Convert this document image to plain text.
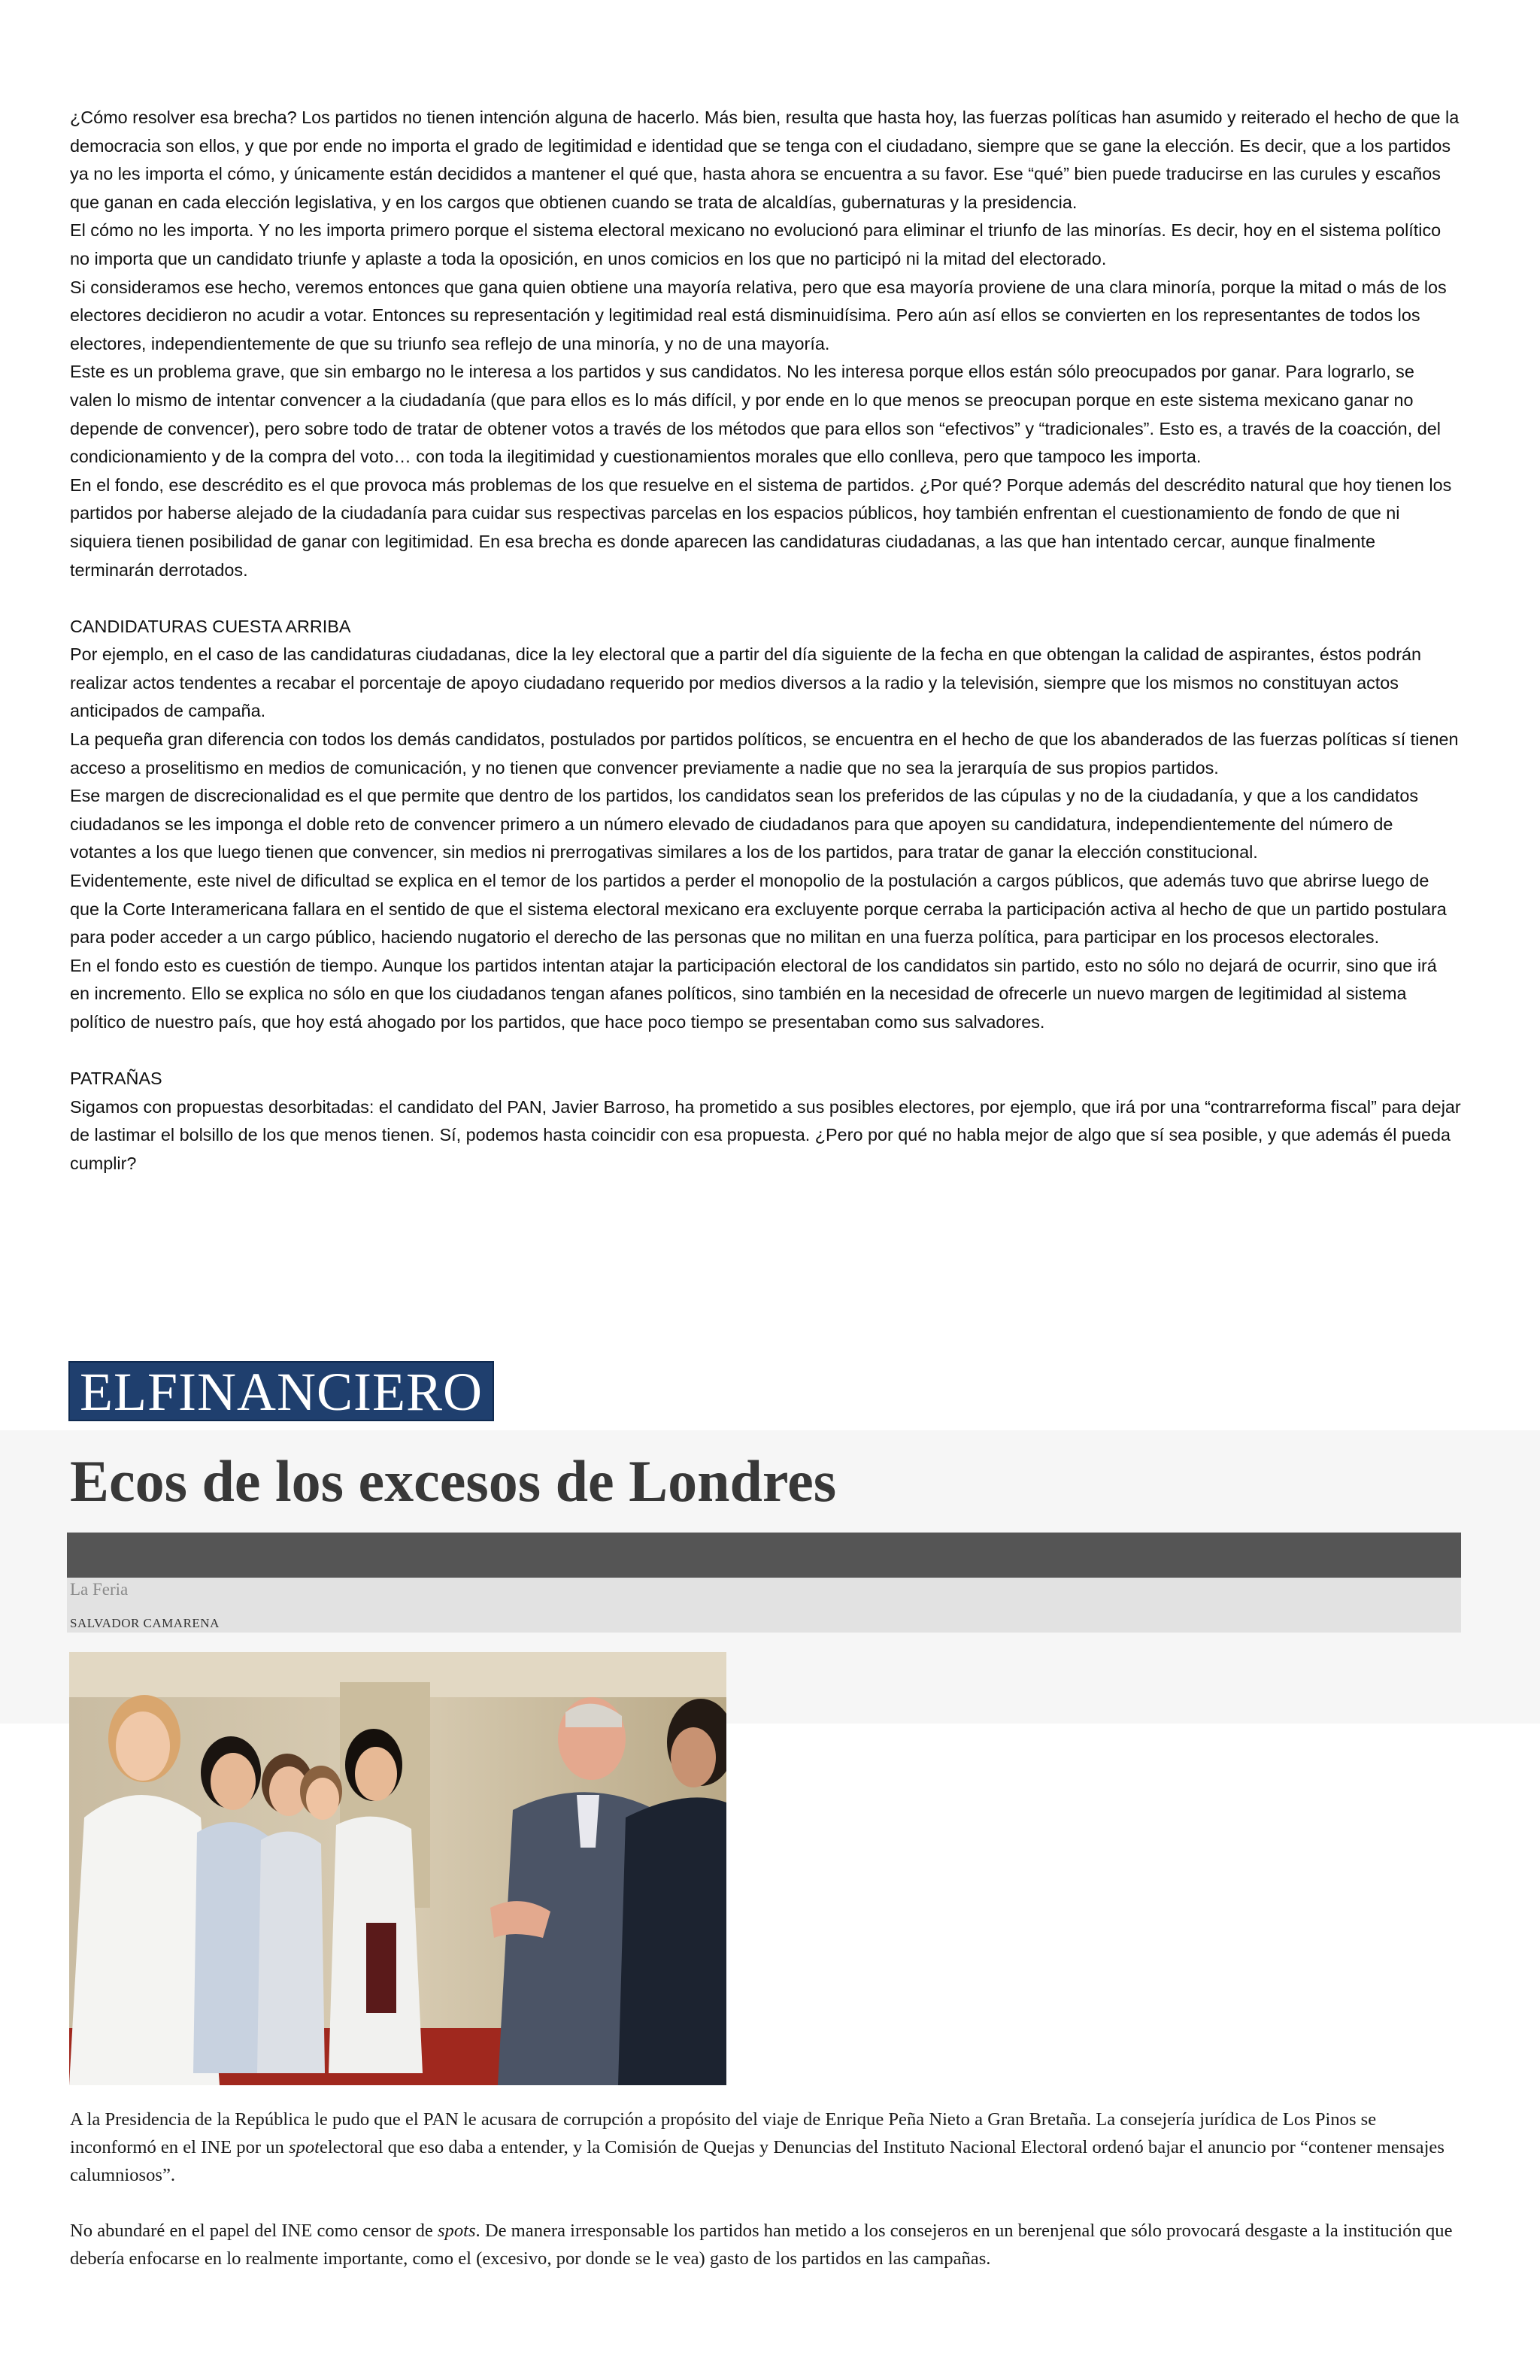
¿Cómo resolver esa brecha? Los partidos no tienen intención alguna de hacerlo. Más bien, resulta que hasta hoy, las fuerzas políticas han asumido y reiterado el hecho de que la democracia son ellos, y que por ende no importa el grado de legitimidad e identidad que se tenga con el ciudadano, siempre que se gane la elección. Es decir, que a los partidos ya no les importa el cómo, y únicamente están decididos a mantener el qué que, hasta ahora se encuentra a su favor. Ese “qué” bien puede traducirse en las curules y escaños que ganan en cada elección legislativa, y en los cargos que obtienen cuando se trata de alcaldías, gubernaturas y la presidencia.

El cómo no les importa. Y no les importa primero porque el sistema electoral mexicano no evolucionó para eliminar el triunfo de las minorías. Es decir, hoy en el sistema político no importa que un candidato triunfe y aplaste a toda la oposición, en unos comicios en los que no participó ni la mitad del electorado.

Si consideramos ese hecho, veremos entonces que gana quien obtiene una mayoría relativa, pero que esa mayoría proviene de una clara minoría, porque la mitad o más de los electores decidieron no acudir a votar. Entonces su representación y legitimidad real está disminuidísima. Pero aún así ellos se convierten en los representantes de todos los electores, independientemente de que su triunfo sea reflejo de una minoría, y no de una mayoría.

Este es un problema grave, que sin embargo no le interesa a los partidos y sus candidatos. No les interesa porque ellos están sólo preocupados por ganar. Para lograrlo, se valen lo mismo de intentar convencer a la ciudadanía (que para ellos es lo más difícil, y por ende en lo que menos se preocupan porque en este sistema mexicano ganar no depende de convencer), pero sobre todo de tratar de obtener votos a través de los métodos que para ellos son “efectivos” y “tradicionales”. Esto es, a través de la coacción, del condicionamiento y de la compra del voto… con toda la ilegitimidad y cuestionamientos morales que ello conlleva, pero que tampoco les importa.

En el fondo, ese descrédito es el que provoca más problemas de los que resuelve en el sistema de partidos. ¿Por qué? Porque además del descrédito natural que hoy tienen los partidos por haberse alejado de la ciudadanía para cuidar sus respectivas parcelas en los espacios públicos, hoy también enfrentan el cuestionamiento de fondo de que ni siquiera tienen posibilidad de ganar con legitimidad. En esa brecha es donde aparecen las candidaturas ciudadanas, a las que han intentado cercar, aunque finalmente terminarán derrotados.

CANDIDATURAS CUESTA ARRIBA

Por ejemplo, en el caso de las candidaturas ciudadanas, dice la ley electoral que a partir del día siguiente de la fecha en que obtengan la calidad de aspirantes, éstos podrán realizar actos tendentes a recabar el porcentaje de apoyo ciudadano requerido por medios diversos a la radio y la televisión, siempre que los mismos no constituyan actos anticipados de campaña.

La pequeña gran diferencia con todos los demás candidatos, postulados por partidos políticos, se encuentra en el hecho de que los abanderados de las fuerzas políticas sí tienen acceso a proselitismo en medios de comunicación, y no tienen que convencer previamente a nadie que no sea la jerarquía de sus propios partidos.

Ese margen de discrecionalidad es el que permite que dentro de los partidos, los candidatos sean los preferidos de las cúpulas y no de la ciudadanía, y que a los candidatos ciudadanos se les imponga el doble reto de convencer primero a un número elevado de ciudadanos para que apoyen su candidatura, independientemente del número de votantes a los que luego tienen que convencer, sin medios ni prerrogativas similares a los de los partidos, para tratar de ganar la elección constitucional.

Evidentemente, este nivel de dificultad se explica en el temor de los partidos a perder el monopolio de la postulación a cargos públicos, que además tuvo que abrirse luego de que la Corte Interamericana fallara en el sentido de que el sistema electoral mexicano era excluyente porque cerraba la participación activa al hecho de que un partido postulara para poder acceder a un cargo público, haciendo nugatorio el derecho de las personas que no militan en una fuerza política, para participar en los procesos electorales.

En el fondo esto es cuestión de tiempo. Aunque los partidos intentan atajar la participación electoral de los candidatos sin partido, esto no sólo no dejará de ocurrir, sino que irá en incremento. Ello se explica no sólo en que los ciudadanos tengan afanes políticos, sino también en la necesidad de ofrecerle un nuevo margen de legitimidad al sistema político de nuestro país, que hoy está ahogado por los partidos, que hace poco tiempo se presentaban como sus salvadores.

PATRAÑAS

Sigamos con propuestas desorbitadas: el candidato del PAN, Javier Barroso, ha prometido a sus posibles electores, por ejemplo, que irá por una “contrarreforma fiscal” para dejar de lastimar el bolsillo de los que menos tienen. Sí, podemos hasta coincidir con esa propuesta. ¿Pero por qué no habla mejor de algo que sí sea posible, y que además él pueda cumplir?

ELFINANCIERO
Ecos de los excesos de Londres
La Feria
SALVADOR CAMARENA

A la Presidencia de la República le pudo que el PAN le acusara de corrupción a propósito del viaje de Enrique Peña Nieto a Gran Bretaña. La consejería jurídica de Los Pinos se inconformó en el INE por un spotelectoral que eso daba a entender, y la Comisión de Quejas y Denuncias del Instituto Nacional Electoral ordenó bajar el anuncio por “contener mensajes calumniosos”.

No abundaré en el papel del INE como censor de spots. De manera irresponsable los partidos han metido a los consejeros en un berenjenal que sólo provocará desgaste a la institución que debería enfocarse en lo realmente importante, como el (excesivo, por donde se le vea) gasto de los partidos en las campañas.
